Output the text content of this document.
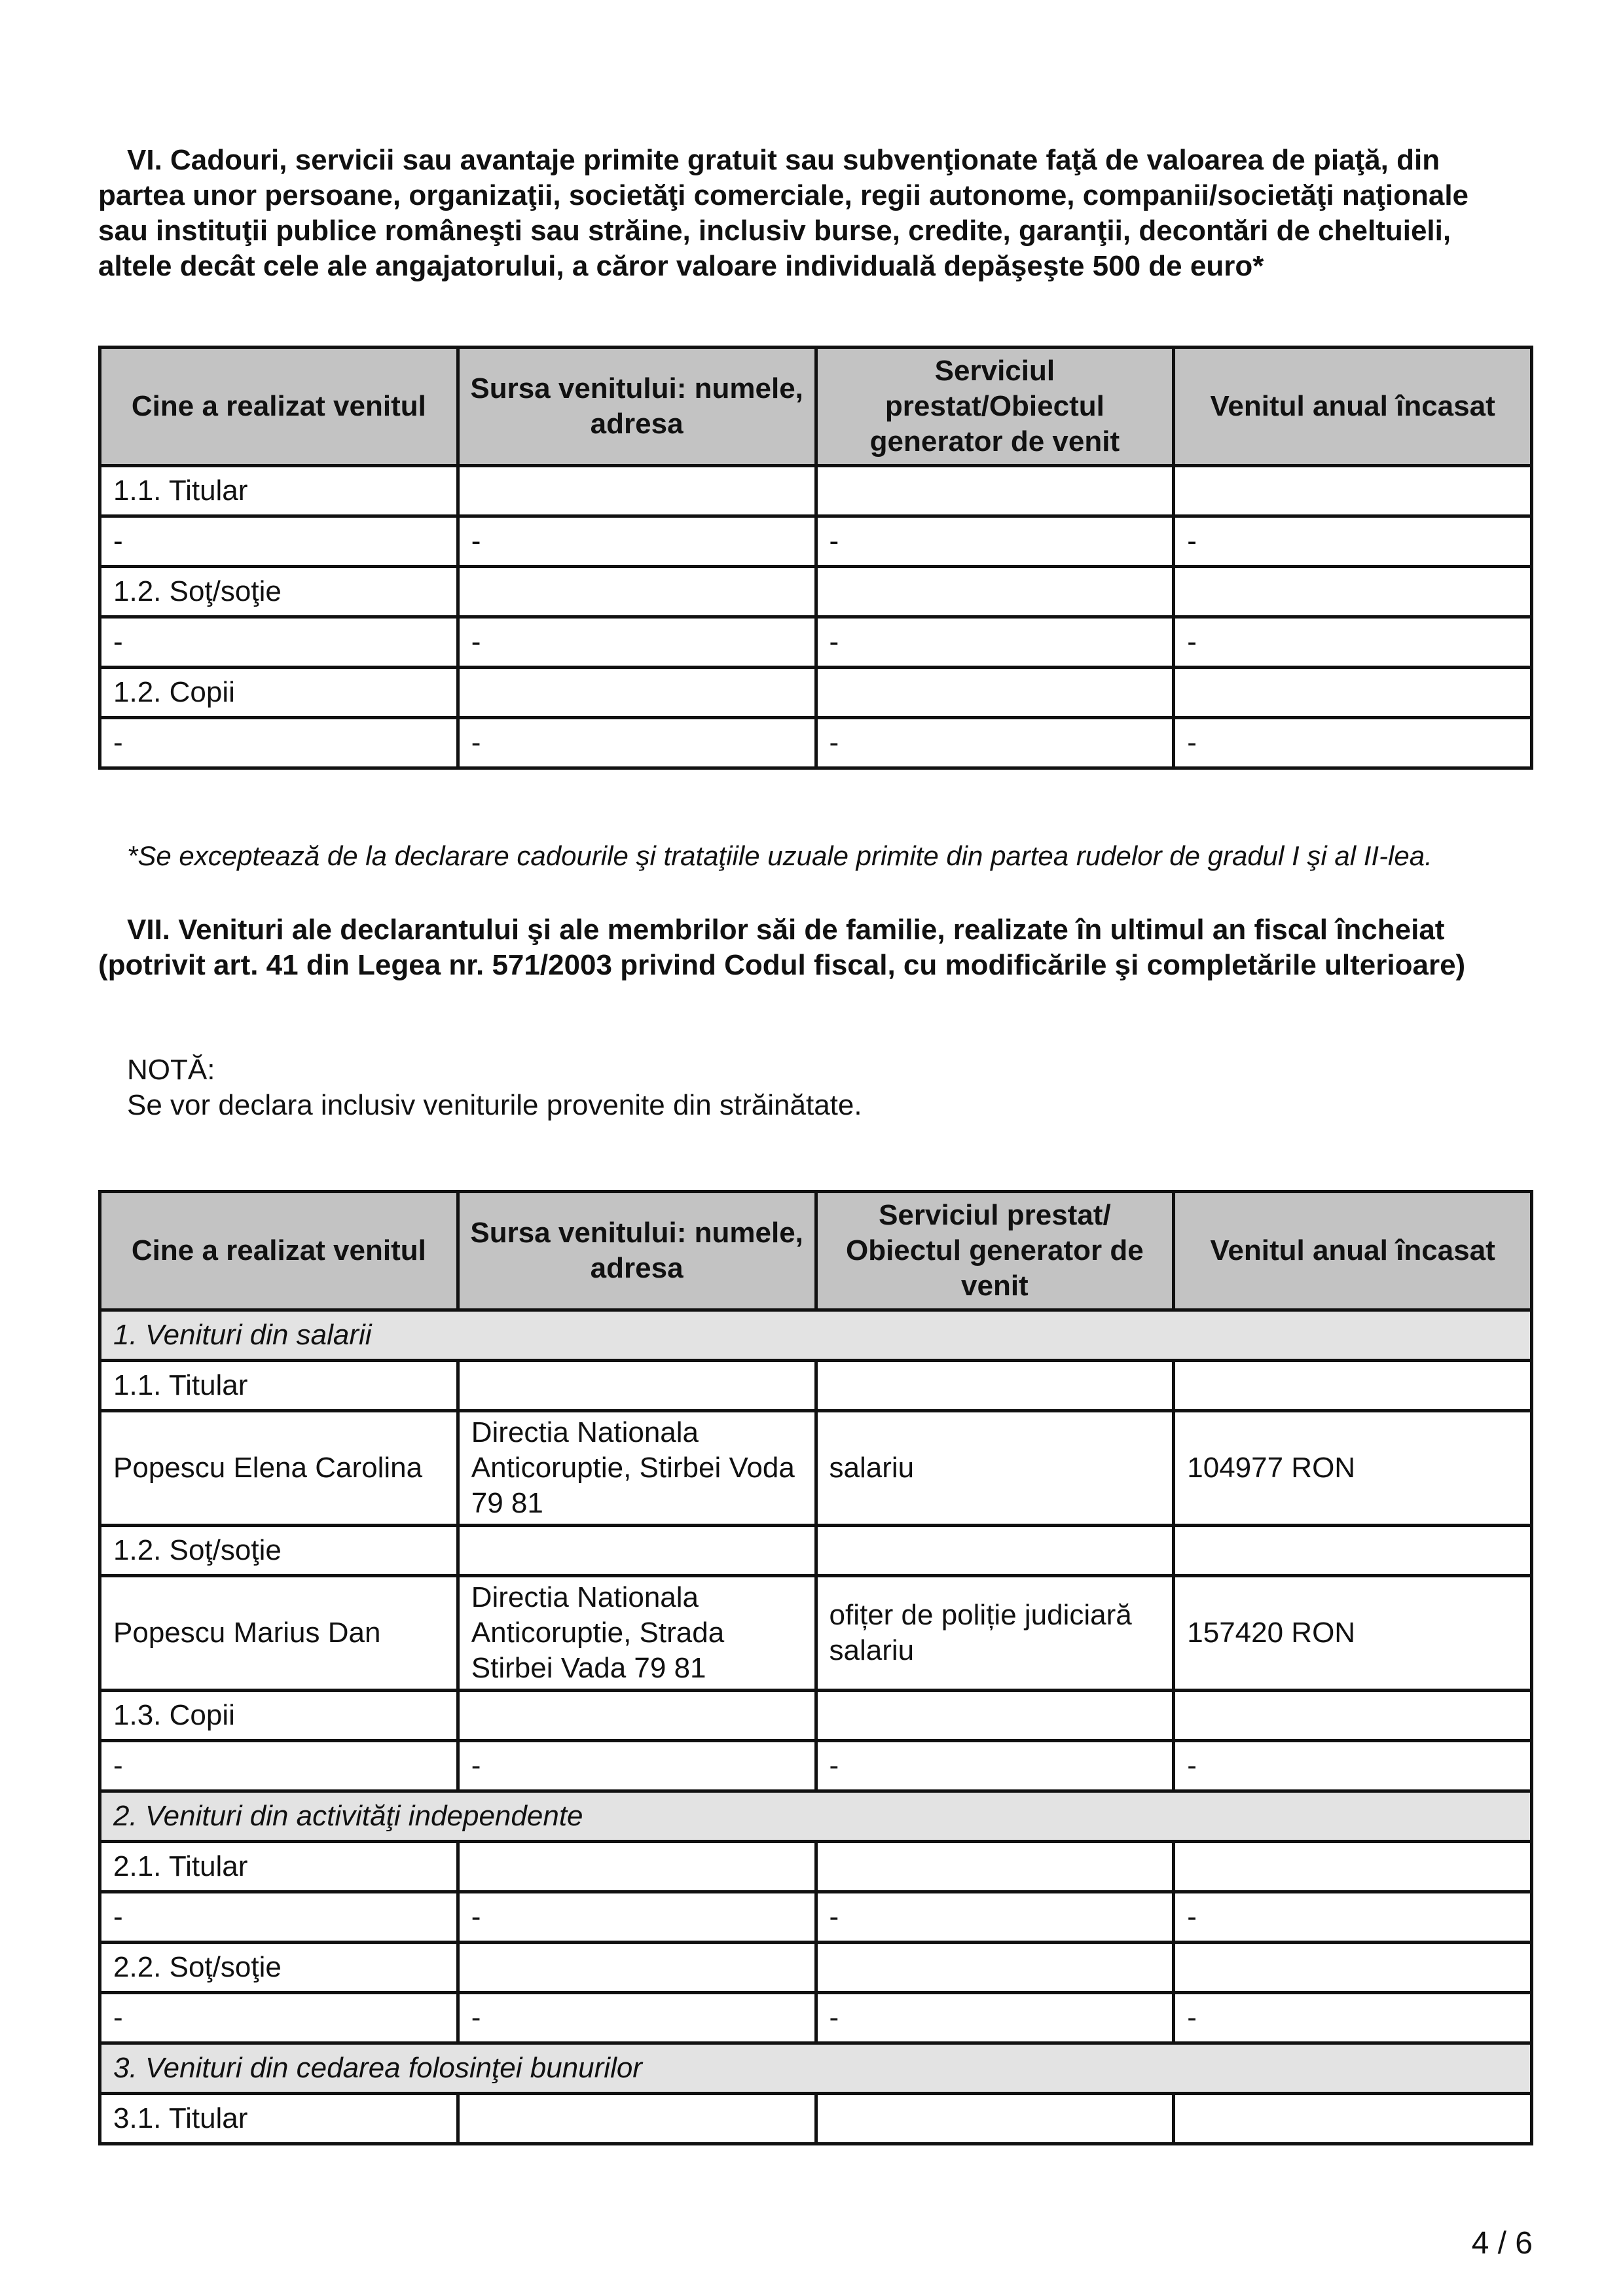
VI. Cadouri, servicii sau avantaje primite gratuit sau subvenţionate faţă de valoarea de piaţă, din partea unor persoane, organizaţii, societăţi comerciale, regii autonome, companii/societăţi naţionale sau instituţii publice româneşti sau străine, inclusiv burse, credite, garanţii, decontări de cheltuieli, altele decât cele ale angajatorului, a căror valoare individuală depăşeşte 500 de euro*

Cine a realizat venitul	Sursa venitului: numele, adresa	Serviciul prestat/Obiectul generator de venit	Venitul anual încasat
1.1. Titular			
-	-	-	-
1.2. Soţ/soţie			
-	-	-	-
1.2. Copii			
-	-	-	-

*Se exceptează de la declarare cadourile şi trataţiile uzuale primite din partea rudelor de gradul I şi al II-lea.

VII. Venituri ale declarantului şi ale membrilor săi de familie, realizate în ultimul an fiscal încheiat (potrivit art. 41 din Legea nr. 571/2003 privind Codul fiscal, cu modificările şi completările ulterioare)

NOTĂ:

Se vor declara inclusiv veniturile provenite din străinătate.

Cine a realizat venitul	Sursa venitului: numele, adresa	Serviciul prestat/ Obiectul generator de venit	Venitul anual încasat
1. Venituri din salarii			
1.1. Titular			
Popescu Elena Carolina	Directia Nationala Anticoruptie, Stirbei Voda 79 81	salariu	104977 RON
1.2. Soţ/soţie			
Popescu Marius Dan	Directia Nationala Anticoruptie, Strada Stirbei Vada 79 81	ofițer de poliție judiciară salariu	157420 RON
1.3. Copii			
-	-	-	-
2. Venituri din activităţi independente			
2.1. Titular			
-	-	-	-
2.2. Soţ/soţie			
-	-	-	-
3. Venituri din cedarea folosinţei bunurilor			
3.1. Titular			

4 / 6
